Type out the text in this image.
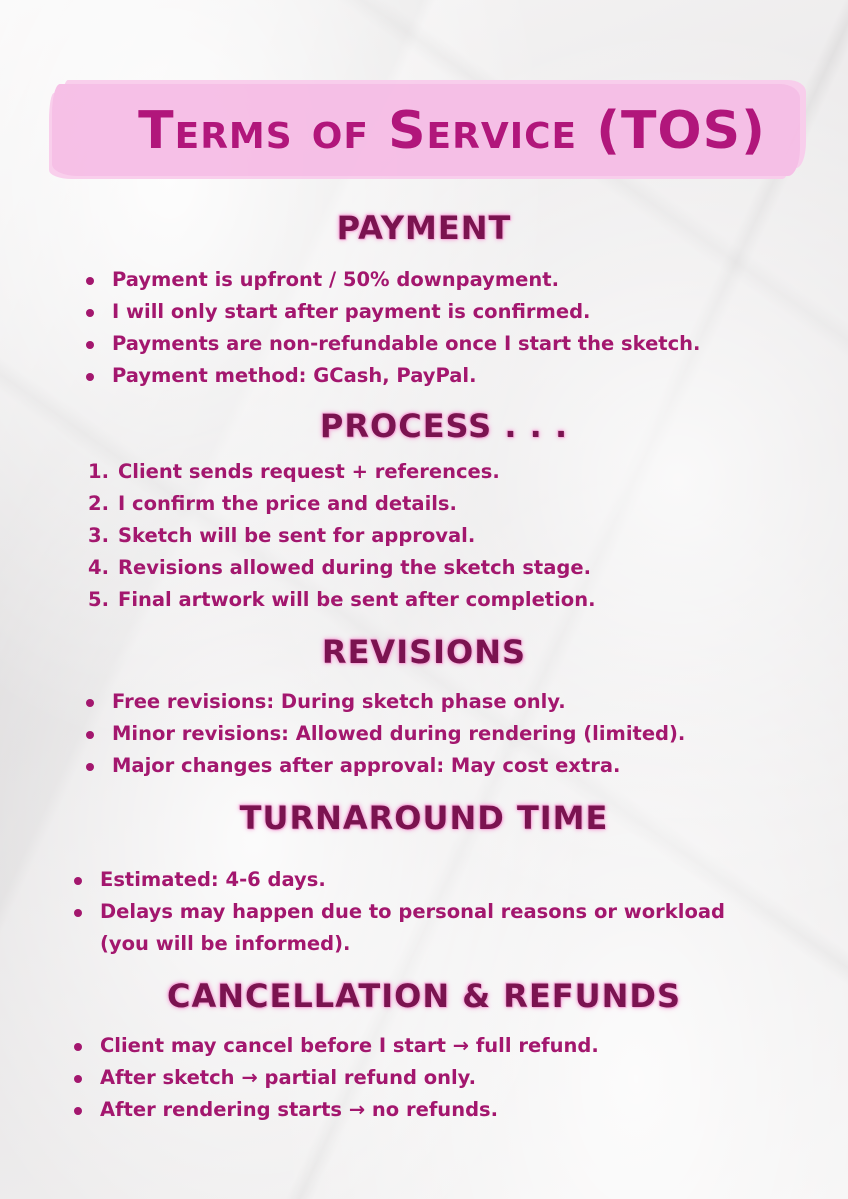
Terms of Service (TOS)
PAYMENT
Payment is upfront / 50% downpayment.
I will only start after payment is confirmed.
Payments are non-refundable once I start the sketch.
Payment method: GCash, PayPal.
PROCESS . . .
1. Client sends request + references.
2. I confirm the price and details.
3. Sketch will be sent for approval.
4. Revisions allowed during the sketch stage.
5. Final artwork will be sent after completion.
REVISIONS
Free revisions: During sketch phase only.
Minor revisions: Allowed during rendering (limited).
Major changes after approval: May cost extra.
TURNAROUND TIME
Estimated: 4-6 days.
Delays may happen due to personal reasons or workload
(you will be informed).
CANCELLATION & REFUNDS
Client may cancel before I start → full refund.
After sketch → partial refund only.
After rendering starts → no refunds.
